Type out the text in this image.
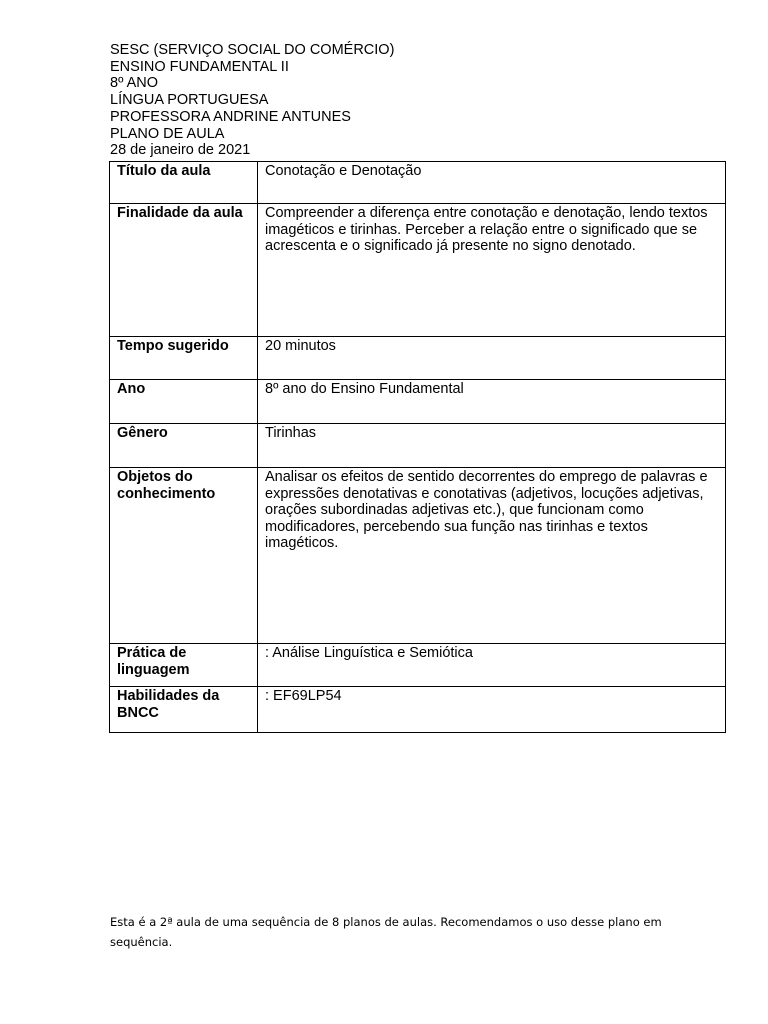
SESC (SERVIÇO SOCIAL DO COMÉRCIO)
ENSINO FUNDAMENTAL II
8º ANO
LÍNGUA PORTUGUESA
PROFESSORA ANDRINE ANTUNES
PLANO DE AULA
28 de janeiro de 2021
Título da aula	Conotação e Denotação
Finalidade da aula	Compreender a diferença entre conotação e denotação, lendo textos imagéticos e tirinhas. Perceber a relação entre o significado que se acrescenta e o significado já presente no signo denotado.
Tempo sugerido	20 minutos
Ano	8º ano do Ensino Fundamental
Gênero	Tirinhas
Objetos do conhecimento	Analisar os efeitos de sentido decorrentes do emprego de palavras e expressões denotativas e conotativas (adjetivos, locuções adjetivas, orações subordinadas adjetivas etc.), que funcionam como modificadores, percebendo sua função nas tirinhas e textos imagéticos.
Prática de linguagem	: Análise Linguística e Semiótica
Habilidades da BNCC	: EF69LP54
Esta é a 2ª aula de uma sequência de 8 planos de aulas. Recomendamos o uso desse plano em sequência.
